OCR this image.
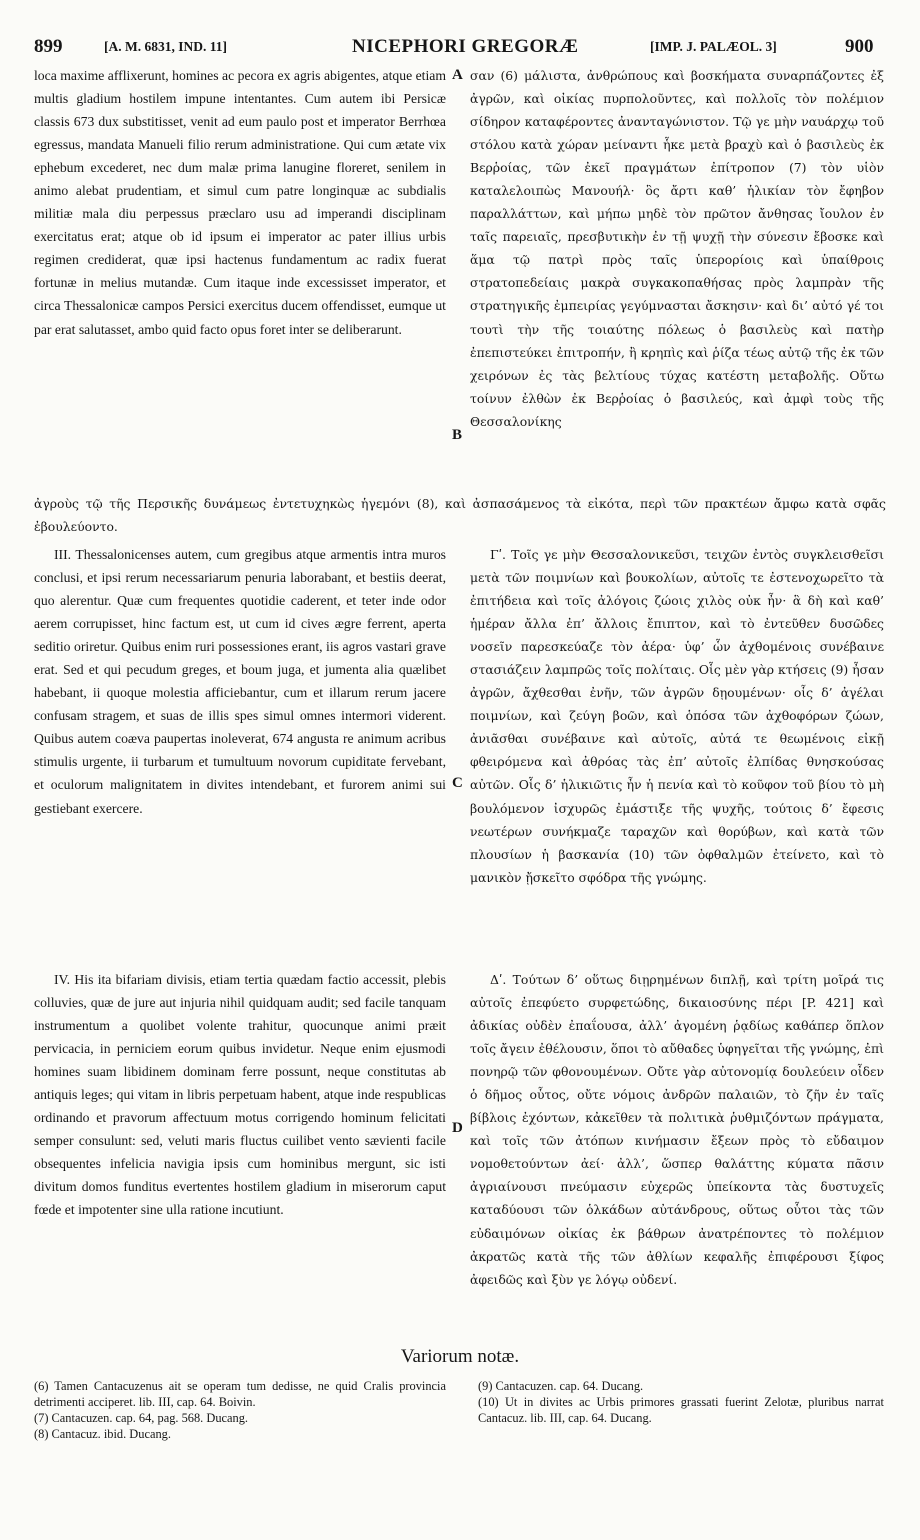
899	[A. M. 6831, IND. 11]	NICEPHORI GREGORÆ	[IMP. J. PALÆOL. 3]	900
A
B
C
D

loca maxime afflixerunt, homines ac pecora ex agris abigentes, atque etiam multis gladium hostilem impune intentantes. Cum autem ibi Persicæ classis 673 dux substitisset, venit ad eum paulo post et imperator Berrhœa egressus, mandata Manueli filio rerum administratione. Qui cum ætate vix ephebum excederet, nec dum malæ prima lanugine floreret, senilem in animo alebat prudentiam, et simul cum patre longinquæ ac subdialis militiæ mala diu perpessus præclaro usu ad imperandi disciplinam exercitatus erat; atque ob id ipsum ei imperator ac pater illius urbis regimen crediderat, quæ ipsi hactenus fundamentum ac radix fuerat fortunæ in melius mutandæ. Cum itaque inde excessisset imperator, et circa Thessalonicæ campos Persici exercitus ducem offendisset, eumque ut par erat salutasset, ambo quid facto opus foret inter se deliberarunt.

σαν (6) μάλιστα, ἀνθρώπους καὶ βοσκήματα συναρπάζοντες ἐξ ἀγρῶν, καὶ οἰκίας πυρπολοῦντες, καὶ πολλοῖς τὸν πολέμιον σίδηρον καταφέροντες ἀνανταγώνιστον. Τῷ γε μὴν ναυάρχῳ τοῦ στόλου κατὰ χώραν μείναντι ἧκε μετὰ βραχὺ καὶ ὁ βασιλεὺς ἐκ Βερῥοίας, τῶν ἐκεῖ πραγμάτων ἐπίτροπον (7) τὸν υἱὸν καταλελοιπὼς Μανουήλ· ὃς ἄρτι καθ’ ἡλικίαν τὸν ἔφηβον παραλλάττων, καὶ μήπω μηδὲ τὸν πρῶτον ἄνθησας ἴουλον ἐν ταῖς παρειαῖς, πρεσβυτικὴν ἐν τῇ ψυχῇ τὴν σύνεσιν ἔβοσκε καὶ ἅμα τῷ πατρὶ πρὸς ταῖς ὑπερορίοις καὶ ὑπαίθροις στρατοπεδείαις μακρὰ συγκακοπαθήσας πρὸς λαμπρὰν τῆς στρατηγικῆς ἐμπειρίας γεγύμνασται ἄσκησιν· καὶ δι’ αὐτό γέ τοι τουτὶ τὴν τῆς τοιαύτης πόλεως ὁ βασιλεὺς καὶ πατὴρ ἐπεπιστεύκει ἐπιτροπήν, ἢ κρηπὶς καὶ ῥίζα τέως αὐτῷ τῆς ἐκ τῶν χειρόνων ἐς τὰς βελτίους τύχας κατέστη μεταβολῆς. Οὕτω τοίνυν ἐλθὼν ἐκ Βερῥοίας ὁ βασιλεύς, καὶ ἀμφὶ τοὺς τῆς Θεσσαλονίκης

ἀγροὺς τῷ τῆς Περσικῆς δυνάμεως ἐντετυχηκὼς ἡγεμόνι (8), καὶ ἀσπασάμενος τὰ εἰκότα, περὶ τῶν πρακτέων ἄμφω κατὰ σφᾶς ἐβουλεύοντο.

III. Thessalonicenses autem, cum gregibus atque armentis intra muros conclusi, et ipsi rerum necessariarum penuria laborabant, et bestiis deerat, quo alerentur. Quæ cum frequentes quotidie caderent, et teter inde odor aerem corrupisset, hinc factum est, ut cum id cives ægre ferrent, aperta seditio oriretur. Quibus enim ruri possessiones erant, iis agros vastari grave erat. Sed et qui pecudum greges, et boum juga, et jumenta alia quælibet habebant, ii quoque molestia afficiebantur, cum et illarum rerum jacere confusam stragem, et suas de illis spes simul omnes intermori viderent. Quibus autem coæva paupertas inoleverat, 674 angusta re animum acribus stimulis urgente, ii turbarum et tumultuum novorum cupiditate fervebant, et oculorum malignitatem in divites intendebant, et furorem animi sui gestiebant exercere.

Γʹ. Τοῖς γε μὴν Θεσσαλονικεῦσι, τειχῶν ἐντὸς συγκλεισθεῖσι μετὰ τῶν ποιμνίων καὶ βουκολίων, αὐτοῖς τε ἐστενοχωρεῖτο τὰ ἐπιτήδεια καὶ τοῖς ἀλόγοις ζώοις χιλὸς οὐκ ἦν· ἃ δὴ καὶ καθ’ ἡμέραν ἄλλα ἐπ’ ἄλλοις ἔπιπτον, καὶ τὸ ἐντεῦθεν δυσῶδες νοσεῖν παρεσκεύαζε τὸν ἀέρα· ὑφ’ ὧν ἀχθομένοις συνέβαινε στασιάζειν λαμπρῶς τοῖς πολίταις. Οἷς μὲν γὰρ κτήσεις (9) ἦσαν ἀγρῶν, ἄχθεσθαι ἐνῆν, τῶν ἀγρῶν δῃουμένων· οἷς δ’ ἀγέλαι ποιμνίων, καὶ ζεύγη βοῶν, καὶ ὁπόσα τῶν ἀχθοφόρων ζώων, ἀνιᾶσθαι συνέβαινε καὶ αὐτοῖς, αὐτά τε θεωμένοις εἰκῇ φθειρόμενα καὶ ἀθρόας τὰς ἐπ’ αὐτοῖς ἐλπίδας θνησκούσας αὐτῶν. Οἷς δ’ ἡλικιῶτις ἦν ἡ πενία καὶ τὸ κοῦφον τοῦ βίου τὸ μὴ βουλόμενον ἰσχυρῶς ἐμάστιξε τῆς ψυχῆς, τούτοις δ’ ἔφεσις νεωτέρων συνήκμαζε ταραχῶν καὶ θορύβων, καὶ κατὰ τῶν πλουσίων ἡ βασκανία (10) τῶν ὀφθαλμῶν ἐτείνετο, καὶ τὸ μανικὸν ᾔσκεῖτο σφόδρα τῆς γνώμης.

IV. His ita bifariam divisis, etiam tertia quædam factio accessit, plebis colluvies, quæ de jure aut injuria nihil quidquam audit; sed facile tanquam instrumentum a quolibet volente trahitur, quocunque animi præit pervicacia, in perniciem eorum quibus invidetur. Neque enim ejusmodi homines suam libidinem dominam ferre possunt, neque constitutas ab antiquis leges; qui vitam in libris perpetuam habent, atque inde respublicas ordinando et pravorum affectuum motus corrigendo hominum felicitati semper consulunt: sed, veluti maris fluctus cuilibet vento sævienti facile obsequentes infelicia navigia ipsis cum hominibus mergunt, sic isti divitum domos funditus evertentes hostilem gladium in miserorum caput fœde et impotenter sine ulla ratione incutiunt.

Δʹ. Τούτων δ’ οὕτως διῃρημένων διπλῇ, καὶ τρίτη μοῖρά τις αὐτοῖς ἐπεφύετο συρφετώδης, δικαιοσύνης πέρι [P. 421] καὶ ἀδικίας οὐδὲν ἐπαΐουσα, ἀλλ’ ἀγομένη ῥᾳδίως καθάπερ ὅπλον τοῖς ἄγειν ἐθέλουσιν, ὅποι τὸ αὔθαδες ὑφηγεῖται τῆς γνώμης, ἐπὶ πονηρῷ τῶν φθονουμένων. Οὔτε γὰρ αὐτονομίᾳ δουλεύειν οἶδεν ὁ δῆμος οὗτος, οὔτε νόμοις ἀνδρῶν παλαιῶν, τὸ ζῆν ἐν ταῖς βίβλοις ἐχόντων, κἀκεῖθεν τὰ πολιτικὰ ῥυθμιζόντων πράγματα, καὶ τοῖς τῶν ἀτόπων κινήμασιν ἔξεων πρὸς τὸ εὔδαιμον νομοθετούντων ἀεί· ἀλλ’, ὥσπερ θαλάττης κύματα πᾶσιν ἀγριαίνουσι πνεύμασιν εὐχερῶς ὑπείκοντα τὰς δυστυχεῖς καταδύουσι τῶν ὁλκάδων αὐτάνδρους, οὕτως οὗτοι τὰς τῶν εὐδαιμόνων οἰκίας ἐκ βάθρων ἀνατρέποντες τὸ πολέμιον ἀκρατῶς κατὰ τῆς τῶν ἀθλίων κεφαλῆς ἐπιφέρουσι ξίφος ἀφειδῶς καὶ ξὺν γε λόγῳ οὐδενί.

Variorum notæ.

(6) Tamen Cantacuzenus ait se operam tum dedisse, ne quid Cralis provincia detrimenti acciperet. lib. III, cap. 64. Boivin.

(7) Cantacuzen. cap. 64, pag. 568. Ducang.

(8) Cantacuz. ibid. Ducang.

(9) Cantacuzen. cap. 64. Ducang.

(10) Ut in divites ac Urbis primores grassati fuerint Zelotæ, pluribus narrat Cantacuz. lib. III, cap. 64. Ducang.
